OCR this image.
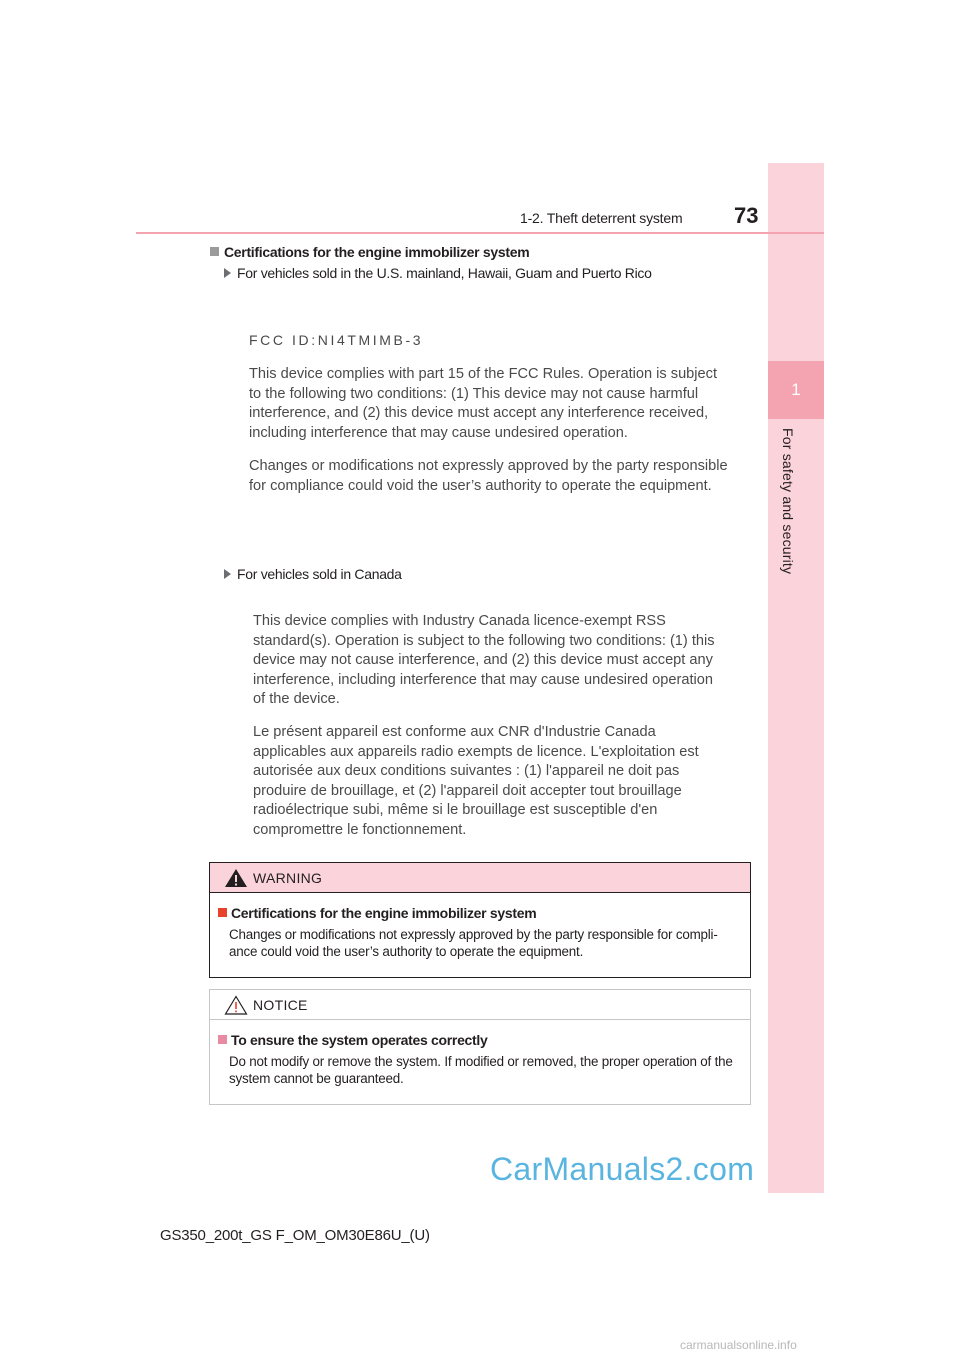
1
For safety and security
1-2. Theft deterrent system 73
Certifications for the engine immobilizer system
For vehicles sold in the U.S. mainland, Hawaii, Guam and Puerto Rico
FCC ID:NI4TMIMB-3
This device complies with part 15 of the FCC Rules. Operation is subject to the following two conditions: (1) This device may not cause harmful interference, and (2) this device must accept any interference received, including interference that may cause undesired operation.
Changes or modifications not expressly approved by the party responsible for compliance could void the user’s authority to operate the equipment.
For vehicles sold in Canada
This device complies with Industry Canada licence-exempt RSS standard(s). Operation is subject to the following two conditions: (1) this device may not cause interference, and (2) this device must accept any interference, including interference that may cause undesired operation of the device.
Le présent appareil est conforme aux CNR d'Industrie Canada applicables aux appareils radio exempts de licence. L'exploitation est autorisée aux deux conditions suivantes : (1) l'appareil ne doit pas produire de brouillage, et (2) l'appareil doit accepter tout brouillage radioélectrique subi, même si le brouillage est susceptible d'en compromettre le fonctionnement.
WARNING
Certifications for the engine immobilizer system
Changes or modifications not expressly approved by the party responsible for compli- ance could void the user’s authority to operate the equipment.
NOTICE
To ensure the system operates correctly
Do not modify or remove the system. If modified or removed, the proper operation of the system cannot be guaranteed.
CarManuals2.com
GS350_200t_GS F_OM_OM30E86U_(U)
carmanualsonline.info
